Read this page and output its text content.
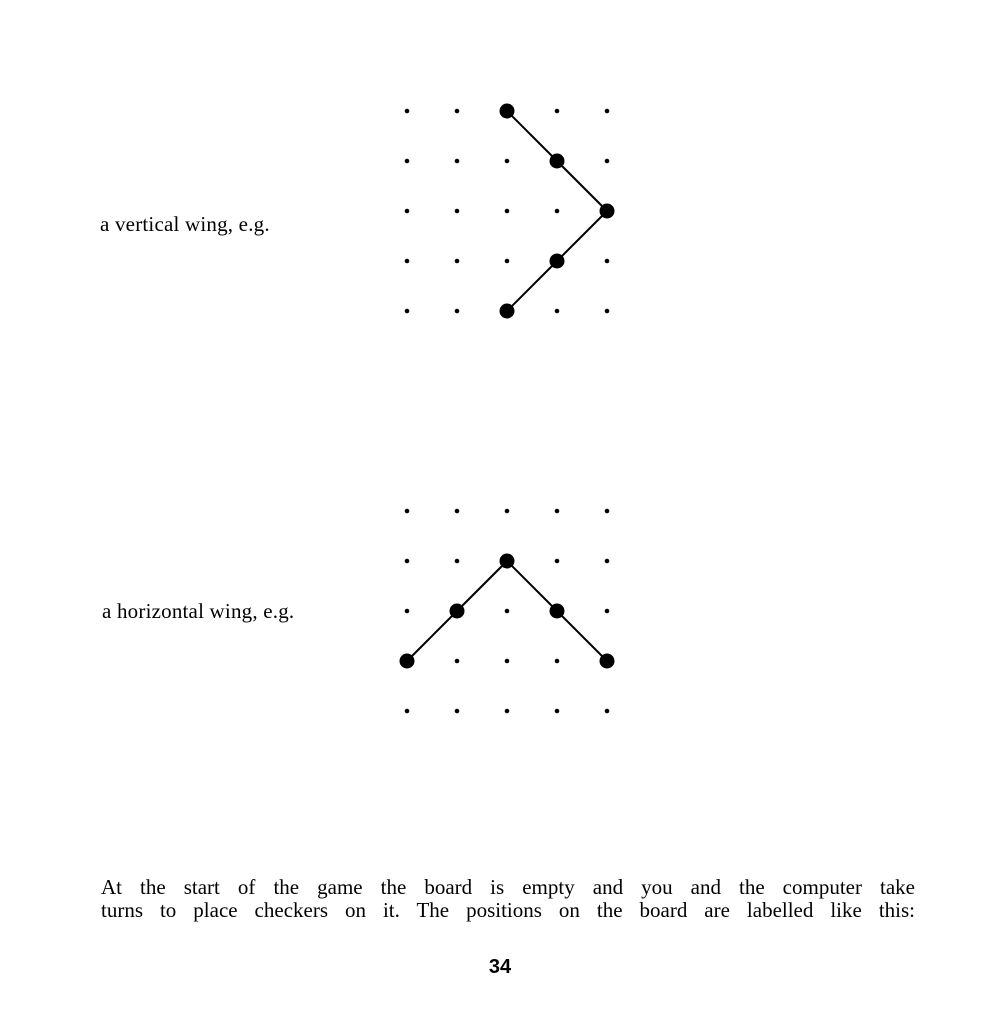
a vertical wing, e.g.
a horizontal wing, e.g.
At the start of the game the board is empty and you and the computer take
turns to place checkers on it. The positions on the board are labelled like this:
34
